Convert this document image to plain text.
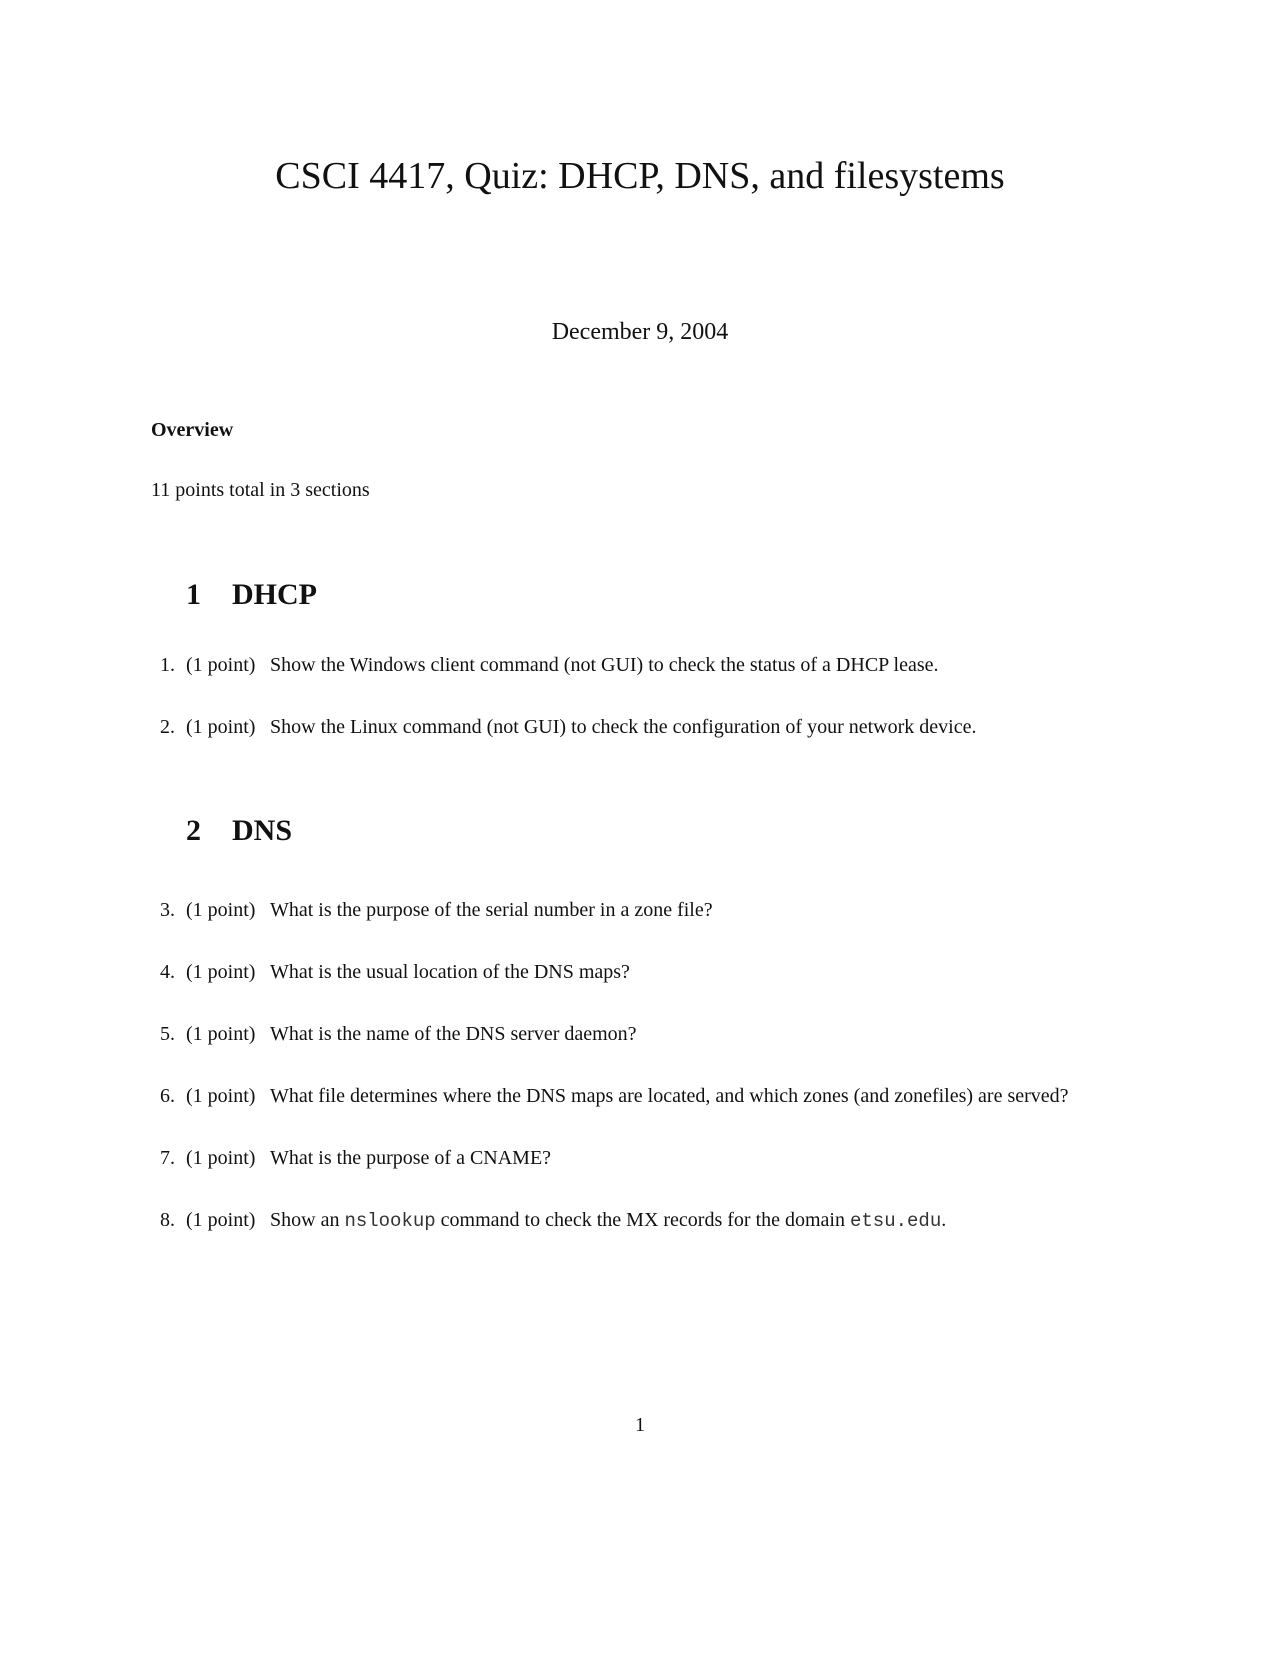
CSCI 4417, Quiz: DHCP, DNS, and filesystems
December 9, 2004
Overview
11 points total in 3 sections
1 DHCP
1. (1 point) Show the Windows client command (not GUI) to check the status of a DHCP lease.
2. (1 point) Show the Linux command (not GUI) to check the configuration of your network device.
2 DNS
3. (1 point) What is the purpose of the serial number in a zone file?
4. (1 point) What is the usual location of the DNS maps?
5. (1 point) What is the name of the DNS server daemon?
6. (1 point) What file determines where the DNS maps are located, and which zones (and zonefiles) are served?
7. (1 point) What is the purpose of a CNAME?
8. (1 point) Show an nslookup command to check the MX records for the domain etsu.edu.
1
